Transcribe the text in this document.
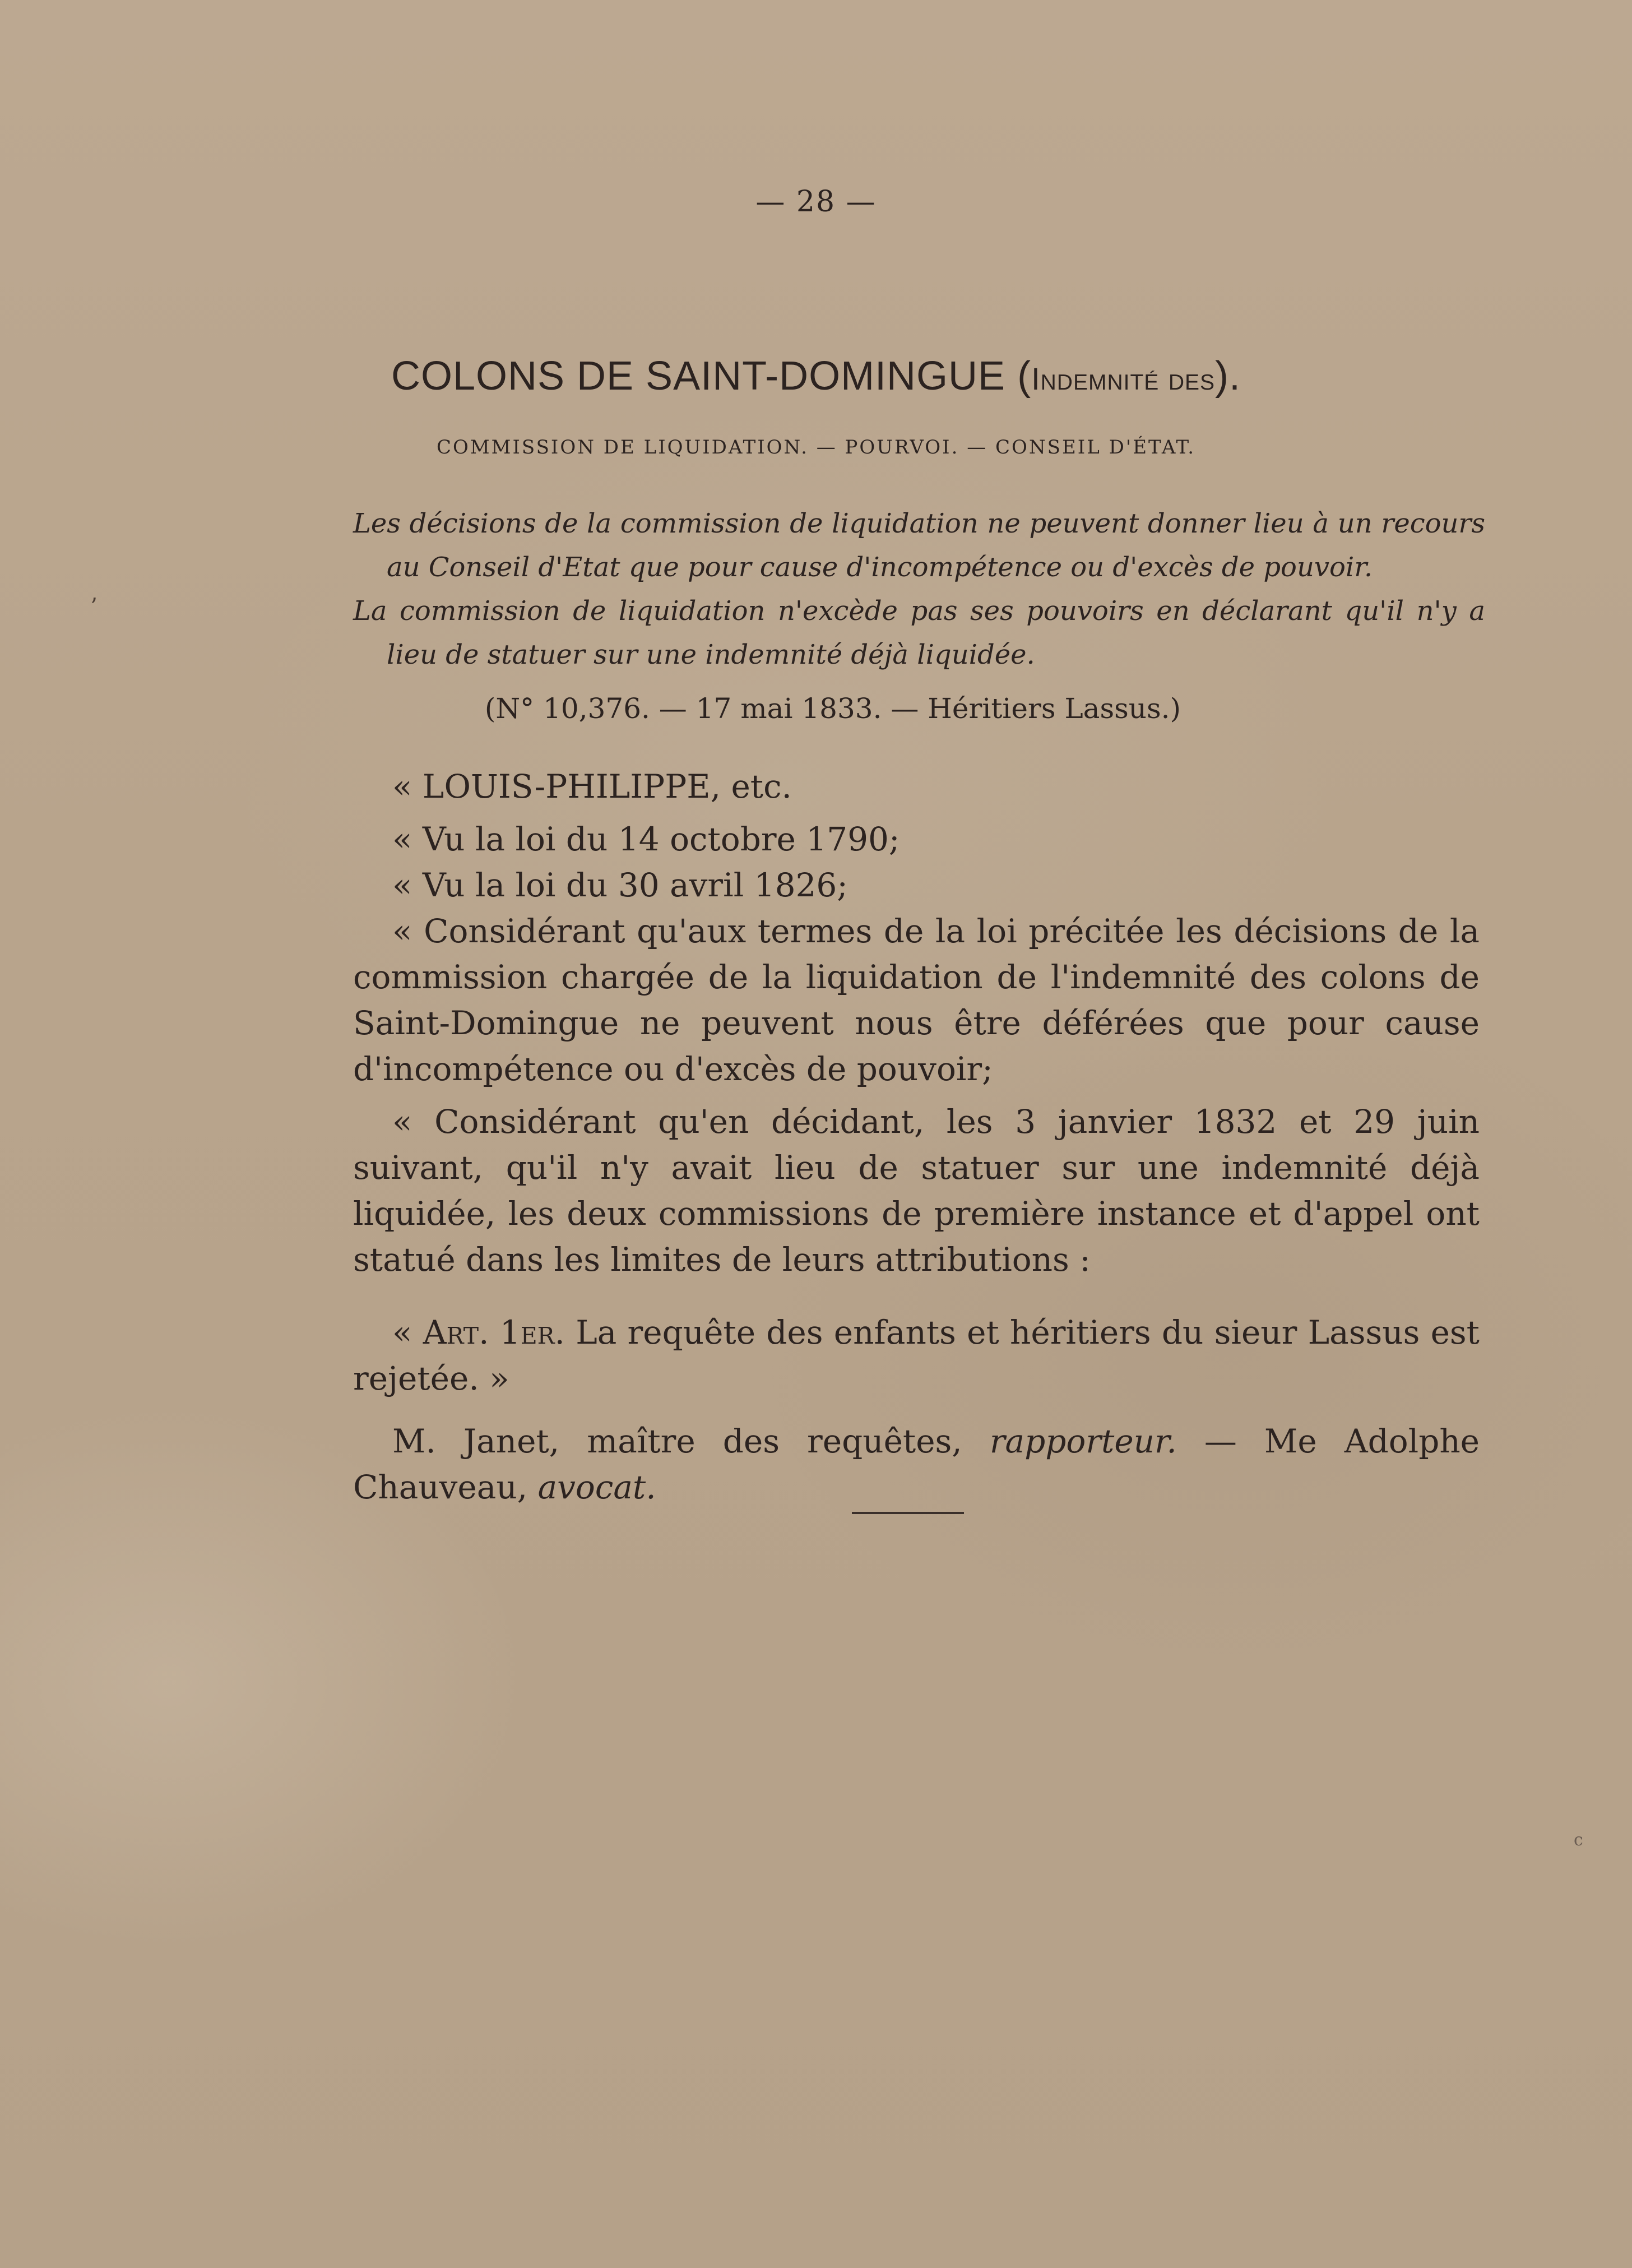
— 28 —
COLONS DE SAINT-DOMINGUE (Indemnité des).
COMMISSION DE LIQUIDATION. — POURVOI. — CONSEIL D'ÉTAT.

Les décisions de la commission de liquidation ne peuvent donner lieu à un recours au Conseil d'Etat que pour cause d'incompétence ou d'excès de pouvoir.

La commission de liquidation n'excède pas ses pouvoirs en déclarant qu'il n'y a lieu de statuer sur une indemnité déjà liquidée.

(N° 10,376. — 17 mai 1833. — Héritiers Lassus.)

« LOUIS-PHILIPPE, etc.

« Vu la loi du 14 octobre 1790;

« Vu la loi du 30 avril 1826;

« Considérant qu'aux termes de la loi précitée les décisions de la commission chargée de la liquidation de l'indemnité des colons de Saint-Domingue ne peuvent nous être déférées que pour cause d'incompétence ou d'excès de pouvoir;

« Considérant qu'en décidant, les 3 janvier 1832 et 29 juin suivant, qu'il n'y avait lieu de statuer sur une indemnité déjà liquidée, les deux commissions de première instance et d'appel ont statué dans les limites de leurs attributions :

« Art. 1er. La requête des enfants et héritiers du sieur Lassus est rejetée. »

M. Janet, maître des requêtes, rapporteur. — Me Adolphe Chauveau, avocat.

ʼ
c
